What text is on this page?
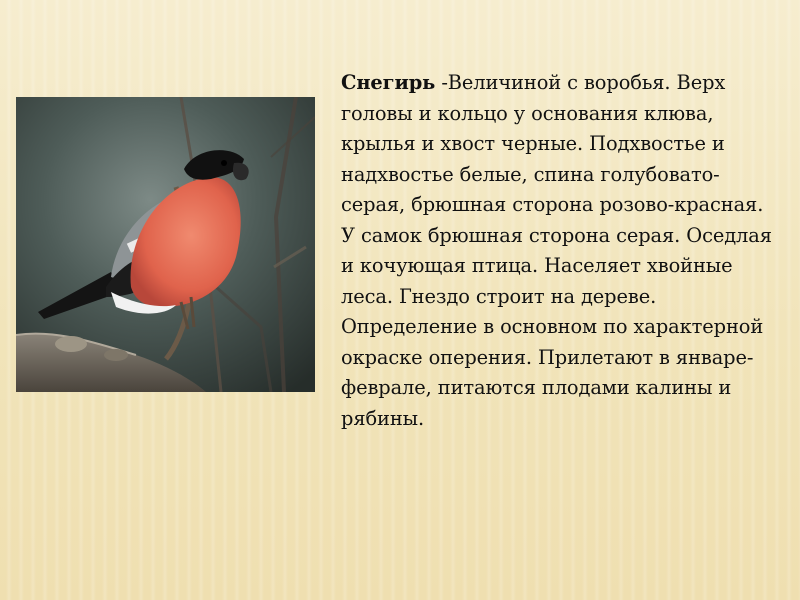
Снегирь -Величиной с воробья. Верх головы и кольцо у основания клюва, крылья и хвост черные. Подхвостье и надхвостье белые, спина голубовато-серая, брюшная сторона розово-красная. У самок брюшная сторона серая. Оседлая и кочующая птица. Населяет хвойные леса. Гнездо строит на дереве. Определение в основном по характерной окраске оперения. Прилетают в январе-феврале, питаются плодами калины и рябины.
